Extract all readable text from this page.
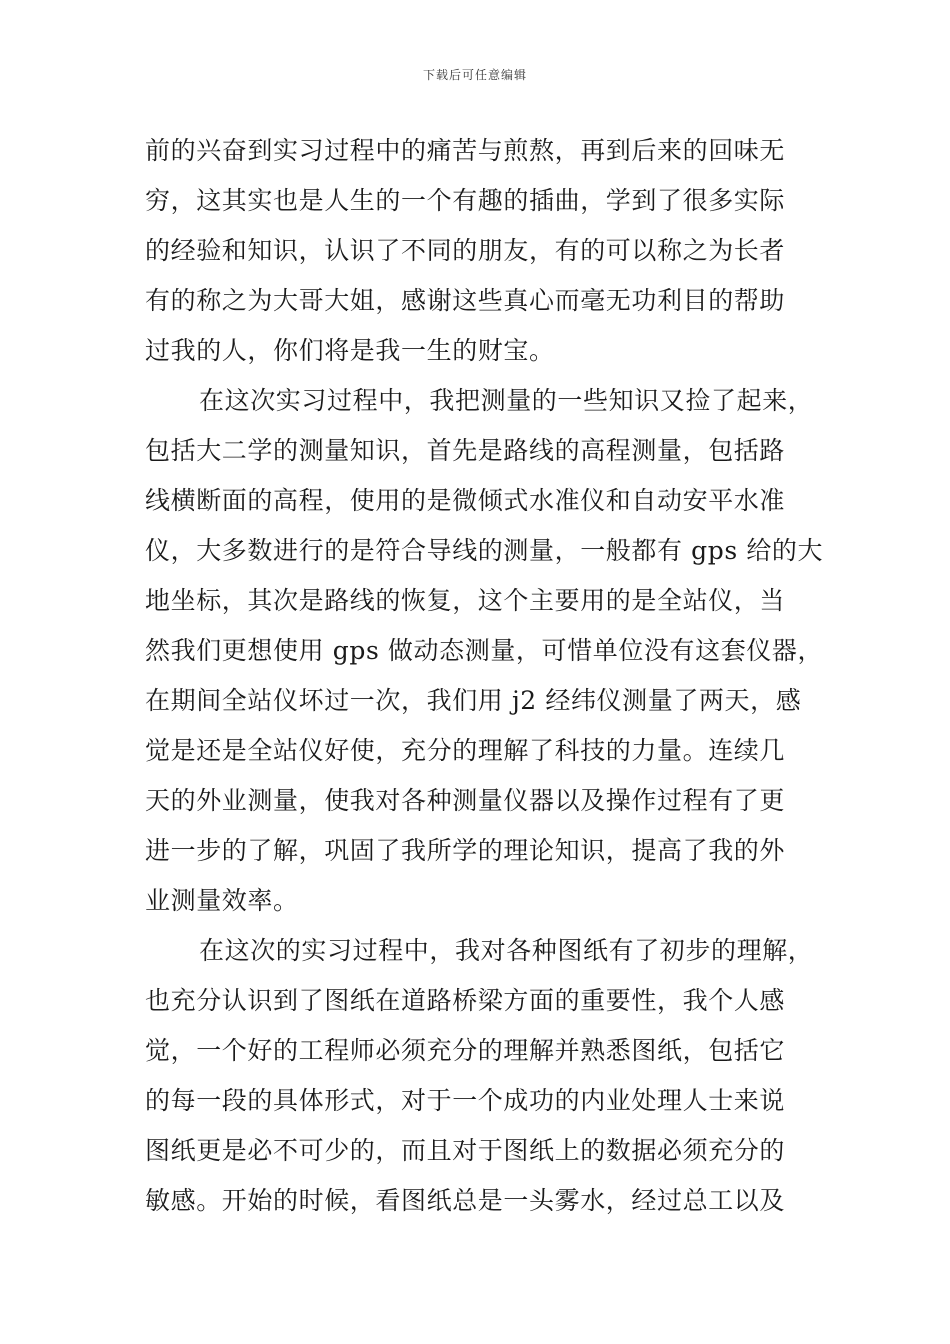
下载后可任意编辑
前的兴奋到实习过程中的痛苦与煎熬，再到后来的回味无
穷，这其实也是人生的一个有趣的插曲，学到了很多实际
的经验和知识，认识了不同的朋友，有的可以称之为长者
有的称之为大哥大姐，感谢这些真心而毫无功利目的帮助
过我的人，你们将是我一生的财宝。
在这次实习过程中，我把测量的一些知识又捡了起来，
包括大二学的测量知识，首先是路线的高程测量，包括路
线横断面的高程，使用的是微倾式水准仪和自动安平水准
仪，大多数进行的是符合导线的测量，一般都有 gps 给的大
地坐标，其次是路线的恢复，这个主要用的是全站仪，当
然我们更想使用 gps 做动态测量，可惜单位没有这套仪器，
在期间全站仪坏过一次，我们用 j2 经纬仪测量了两天，感
觉是还是全站仪好使，充分的理解了科技的力量。连续几
天的外业测量，使我对各种测量仪器以及操作过程有了更
进一步的了解，巩固了我所学的理论知识，提高了我的外
业测量效率。
在这次的实习过程中，我对各种图纸有了初步的理解，
也充分认识到了图纸在道路桥梁方面的重要性，我个人感
觉，一个好的工程师必须充分的理解并熟悉图纸，包括它
的每一段的具体形式，对于一个成功的内业处理人士来说
图纸更是必不可少的，而且对于图纸上的数据必须充分的
敏感。开始的时候，看图纸总是一头雾水，经过总工以及
